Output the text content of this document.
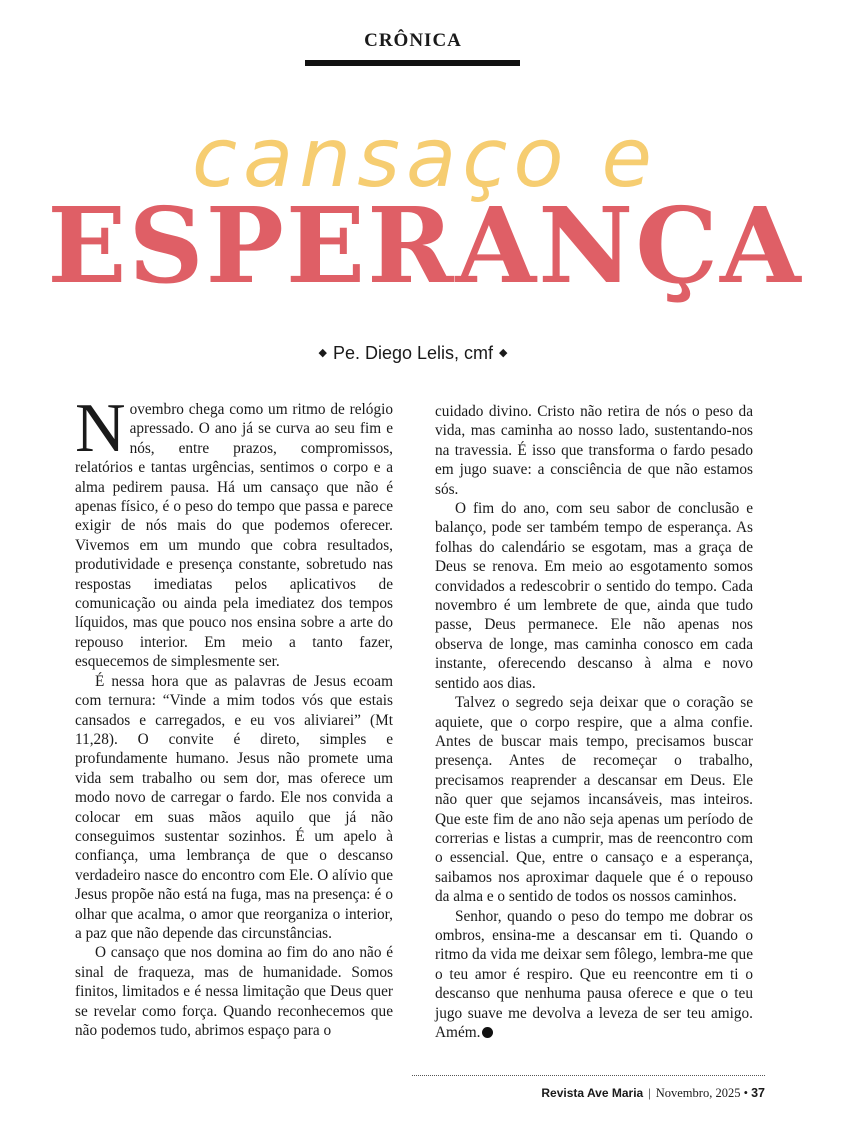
CRÔNICA
cansaço e
ESPERANÇA
◆ Pe. Diego Lelis, cmf ◆

Novembro chega como um ritmo de relógio apressado. O ano já se curva ao seu fim e nós, entre prazos, compromissos, relatórios e tantas urgências, sentimos o corpo e a alma pedirem pausa. Há um cansaço que não é apenas físico, é o peso do tempo que passa e parece exigir de nós mais do que podemos oferecer. Vivemos em um mundo que cobra resultados, produtividade e presença constante, sobretudo nas respostas imediatas pelos aplicativos de comunicação ou ainda pela imediatez dos tempos líquidos, mas que pouco nos ensina sobre a arte do repouso interior. Em meio a tanto fazer, esquecemos de simplesmente ser.

É nessa hora que as palavras de Jesus ecoam com ternura: “Vinde a mim todos vós que estais cansados e carregados, e eu vos aliviarei” (Mt 11,28). O convite é direto, simples e profundamente humano. Jesus não promete uma vida sem trabalho ou sem dor, mas oferece um modo novo de carregar o fardo. Ele nos convida a colocar em suas mãos aquilo que já não conseguimos sustentar sozinhos. É um apelo à confiança, uma lembrança de que o descanso verdadeiro nasce do encontro com Ele. O alívio que Jesus propõe não está na fuga, mas na presença: é o olhar que acalma, o amor que reorganiza o interior, a paz que não depende das circunstâncias.

O cansaço que nos domina ao fim do ano não é sinal de fraqueza, mas de humanidade. Somos finitos, limitados e é nessa limitação que Deus quer se revelar como força. Quando reconhecemos que não podemos tudo, abrimos espaço para o

cuidado divino. Cristo não retira de nós o peso da vida, mas caminha ao nosso lado, sustentando-nos na travessia. É isso que transforma o fardo pesado em jugo suave: a consciência de que não estamos sós.

O fim do ano, com seu sabor de conclusão e balanço, pode ser também tempo de esperança. As folhas do calendário se esgotam, mas a graça de Deus se renova. Em meio ao esgotamento somos convidados a redescobrir o sentido do tempo. Cada novembro é um lembrete de que, ainda que tudo passe, Deus permanece. Ele não apenas nos observa de longe, mas caminha conosco em cada instante, oferecendo descanso à alma e novo sentido aos dias.

Talvez o segredo seja deixar que o coração se aquiete, que o corpo respire, que a alma confie. Antes de buscar mais tempo, precisamos buscar presença. Antes de recomeçar o trabalho, precisamos reaprender a descansar em Deus. Ele não quer que sejamos incansáveis, mas inteiros. Que este fim de ano não seja apenas um período de correrias e listas a cumprir, mas de reencontro com o essencial. Que, entre o cansaço e a esperança, saibamos nos aproximar daquele que é o repouso da alma e o sentido de todos os nossos caminhos.

Senhor, quando o peso do tempo me dobrar os ombros, ensina-me a descansar em ti. Quando o ritmo da vida me deixar sem fôlego, lembra-me que o teu amor é respiro. Que eu reencontre em ti o descanso que nenhuma pausa oferece e que o teu jugo suave me devolva a leveza de ser teu amigo. Amém.

Revista Ave Maria | Novembro, 2025 • 37
